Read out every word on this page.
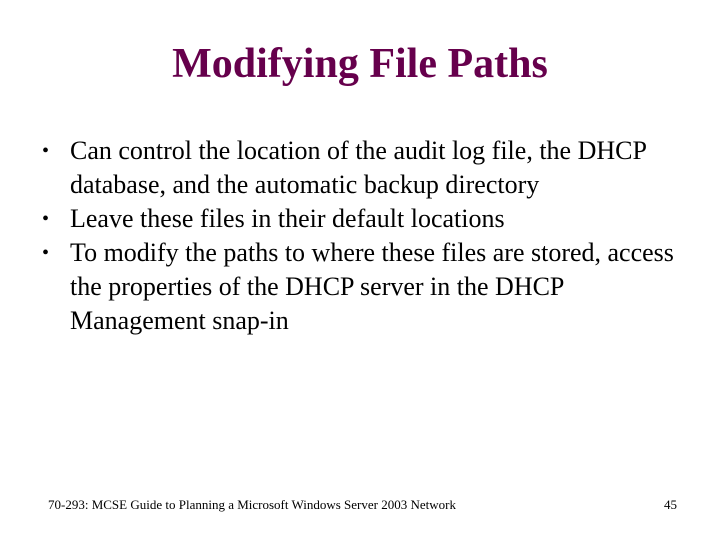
Modifying File Paths
• Can control the location of the audit log file, the DHCP database, and the automatic backup directory
• Leave these files in their default locations
• To modify the paths to where these files are stored, access the properties of the DHCP server in the DHCP Management snap-in
70-293: MCSE Guide to Planning a Microsoft Windows Server 2003 Network	45
